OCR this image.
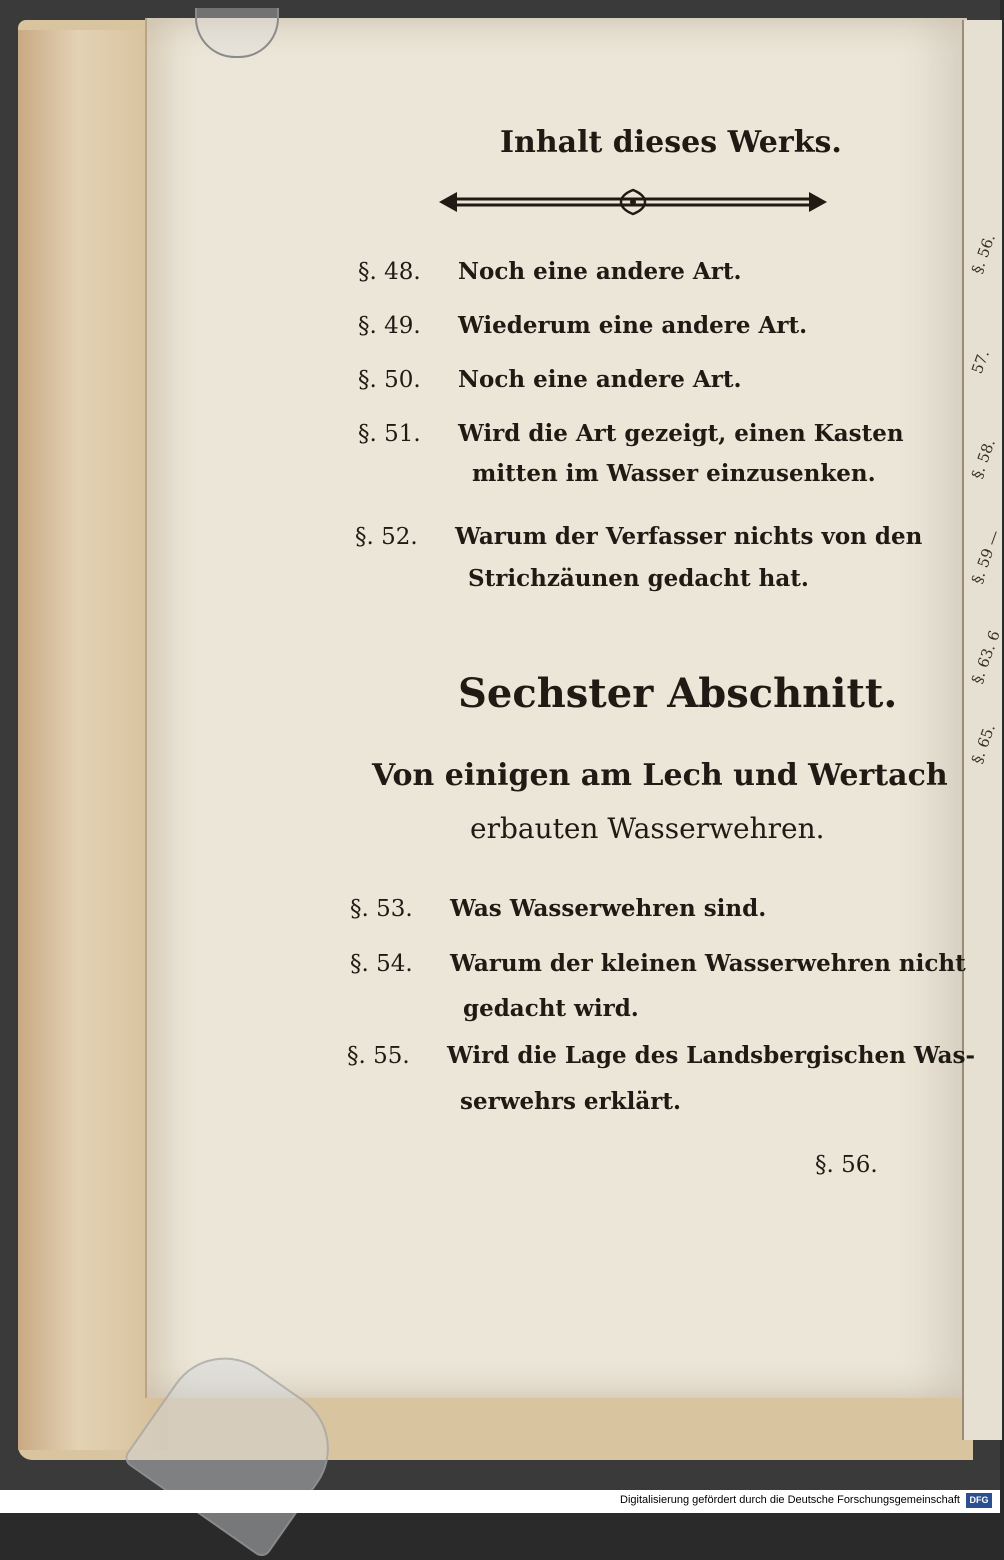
§. 56.
57.
§. 58.
§. 59 —
§. 63. 6
§. 65.
Inhalt dieses Werks.
§. 48. Noch eine andere Art.
§. 49. Wiederum eine andere Art.
§. 50. Noch eine andere Art.
§. 51. Wird die Art gezeigt, einen Kasten
mitten im Wasser einzusenken.
§. 52. Warum der Verfasser nichts von den
Strichzäunen gedacht hat.
Sechster Abschnitt.
Von einigen am Lech und Wertach
erbauten Wasserwehren.
§. 53. Was Wasserwehren sind.
§. 54. Warum der kleinen Wasserwehren nicht
gedacht wird.
§. 55. Wird die Lage des Landsbergischen Was-
serwehrs erklärt.
§. 56.
Digitalisierung gefördert durch die Deutsche Forschungsgemeinschaft	DFG
